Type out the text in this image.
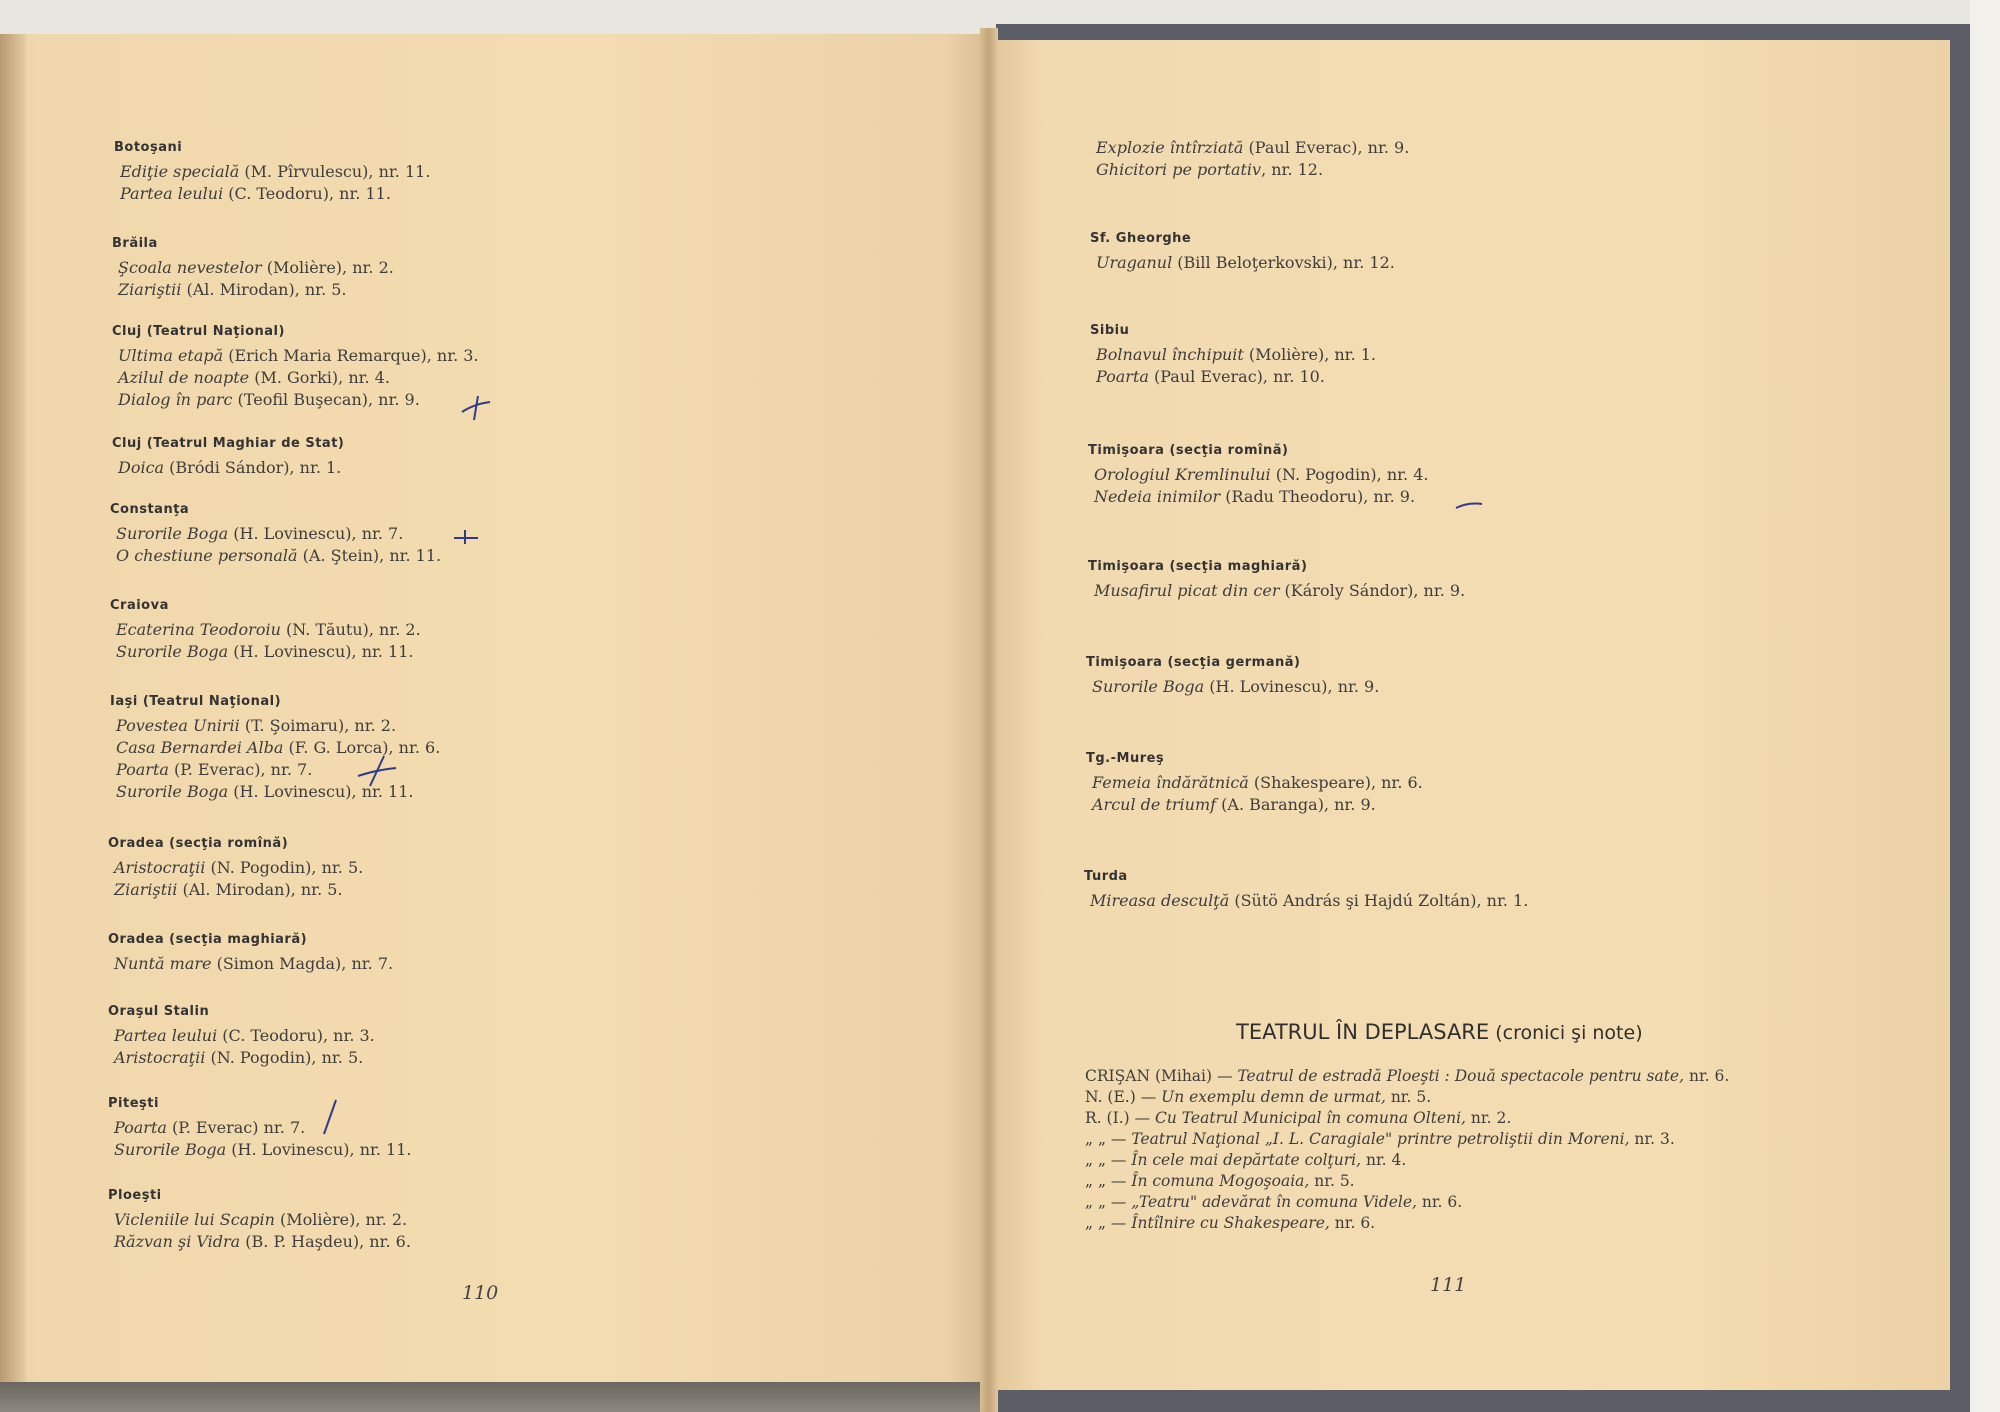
Botoşani
Ediţie specială (M. Pîrvulescu), nr. 11.
Partea leului (C. Teodoru), nr. 11.
Brăila
Şcoala nevestelor (Molière), nr. 2.
Ziariştii (Al. Mirodan), nr. 5.
Cluj (Teatrul Naţional)
Ultima etapă (Erich Maria Remarque), nr. 3.
Azilul de noapte (M. Gorki), nr. 4.
Dialog în parc (Teofil Buşecan), nr. 9.
Cluj (Teatrul Maghiar de Stat)
Doica (Bródi Sándor), nr. 1.
Constanţa
Surorile Boga (H. Lovinescu), nr. 7.
O chestiune personală (A. Ştein), nr. 11.
Craiova
Ecaterina Teodoroiu (N. Tăutu), nr. 2.
Surorile Boga (H. Lovinescu), nr. 11.
Iaşi (Teatrul Naţional)
Povestea Unirii (T. Şoimaru), nr. 2.
Casa Bernardei Alba (F. G. Lorca), nr. 6.
Poarta (P. Everac), nr. 7.
Surorile Boga (H. Lovinescu), nr. 11.
Oradea (secţia romînă)
Aristocraţii (N. Pogodin), nr. 5.
Ziariştii (Al. Mirodan), nr. 5.
Oradea (secţia maghiară)
Nuntă mare (Simon Magda), nr. 7.
Oraşul Stalin
Partea leului (C. Teodoru), nr. 3.
Aristocraţii (N. Pogodin), nr. 5.
Piteşti
Poarta (P. Everac) nr. 7.
Surorile Boga (H. Lovinescu), nr. 11.
Ploeşti
Vicleniile lui Scapin (Molière), nr. 2.
Răzvan şi Vidra (B. P. Haşdeu), nr. 6.
110
Explozie întîrziată (Paul Everac), nr. 9.
Ghicitori pe portativ, nr. 12.
Sf. Gheorghe
Uraganul (Bill Beloţerkovski), nr. 12.
Sibiu
Bolnavul închipuit (Molière), nr. 1.
Poarta (Paul Everac), nr. 10.
Timişoara (secţia romînă)
Orologiul Kremlinului (N. Pogodin), nr. 4.
Nedeia inimilor (Radu Theodoru), nr. 9.
Timişoara (secţia maghiară)
Musafirul picat din cer (Károly Sándor), nr. 9.
Timişoara (secţia germană)
Surorile Boga (H. Lovinescu), nr. 9.
Tg.-Mureş
Femeia îndărătnică (Shakespeare), nr. 6.
Arcul de triumf (A. Baranga), nr. 9.
Turda
Mireasa desculţă (Sütö András şi Hajdú Zoltán), nr. 1.
TEATRUL ÎN DEPLASARE (cronici şi note)
CRIŞAN (Mihai) — Teatrul de estradă Ploeşti : Două spectacole pentru sate, nr. 6.
N. (E.) — Un exemplu demn de urmat, nr. 5.
R. (I.) — Cu Teatrul Municipal în comuna Olteni, nr. 2.
„ „ — Teatrul Naţional „I. L. Caragiale" printre petroliştii din Moreni, nr. 3.
„ „ — În cele mai depărtate colţuri, nr. 4.
„ „ — În comuna Mogoşoaia, nr. 5.
„ „ — „Teatru" adevărat în comuna Videle, nr. 6.
„ „ — Întîlnire cu Shakespeare, nr. 6.
111
